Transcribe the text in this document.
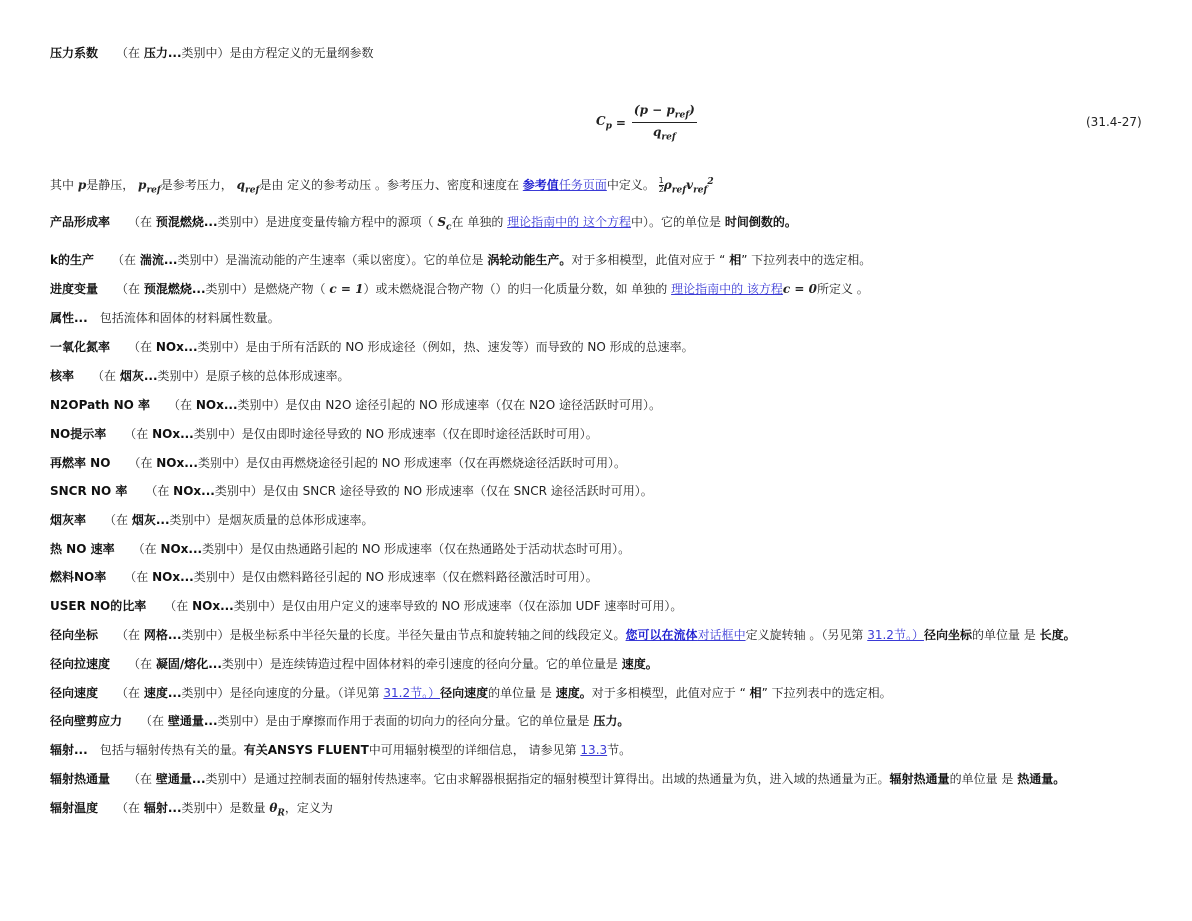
压力系数 （在 压力...类别中）是由方程定义的无量纲参数
$C_p = \frac{(p - p_{ref})}{q_{ref}}$	(31.4-27)
其中 p是静压， $p_{ref}$是参考压力， $q_{ref}$是由 定义的参考动压 。参考压力、密度和速度在 参考值任务页面中定义。 $\frac{1}{2} \rho_{ref}v_{ref}^2$
产品形成率 （在 预混燃烧...类别中）是进度变量传输方程中的源项（ $S_c$在 单独的 理论指南中的 这个方程中）。它的单位是 时间倒数的。
k的生产 （在 湍流...类别中）是湍流动能的产生速率（乘以密度）。它的单位是 涡轮动能生产。对于多相模型，此值对应于 “ 相” 下拉列表中的选定相。
进度变量 （在 预混燃烧...类别中）是燃烧产物（ c = 1）或未燃烧混合物产物（）的归一化质量分数，如 单独的 理论指南中的 该方程c = 0所定义 。
属性... 包括流体和固体的材料属性数量。
一氧化氮率 （在 NOx...类别中）是由于所有活跃的 NO 形成途径（例如，热、速发等）而导致的 NO 形成的总速率。
核率 （在 烟灰...类别中）是原子核的总体形成速率。
N2OPath NO 率 （在 NOx...类别中）是仅由 N2O 途径引起的 NO 形成速率（仅在 N2O 途径活跃时可用）。
NO提示率 （在 NOx...类别中）是仅由即时途径导致的 NO 形成速率（仅在即时途径活跃时可用）。
再燃率 NO （在 NOx...类别中）是仅由再燃烧途径引起的 NO 形成速率（仅在再燃烧途径活跃时可用）。
SNCR NO 率 （在 NOx...类别中）是仅由 SNCR 途径导致的 NO 形成速率（仅在 SNCR 途径活跃时可用）。
烟灰率 （在 烟灰...类别中）是烟灰质量的总体形成速率。
热 NO 速率 （在 NOx...类别中）是仅由热通路引起的 NO 形成速率（仅在热通路处于活动状态时可用）。
燃料NO率 （在 NOx...类别中）是仅由燃料路径引起的 NO 形成速率（仅在燃料路径激活时可用）。
USER NO的比率 （在 NOx...类别中）是仅由用户定义的速率导致的 NO 形成速率（仅在添加 UDF 速率时可用）。
径向坐标 （在 网格...类别中）是极坐标系中半径矢量的长度。半径矢量由节点和旋转轴之间的线段定义。您可以在流体对话框中定义旋转轴 。（另见第 31.2节。）径向坐标的单位量 是 长度。
径向拉速度 （在 凝固/熔化...类别中）是连续铸造过程中固体材料的牵引速度的径向分量。它的单位量是 速度。
径向速度 （在 速度...类别中）是径向速度的分量。（详见第 31.2节。）径向速度的单位量 是 速度。对于多相模型，此值对应于 “ 相” 下拉列表中的选定相。
径向壁剪应力 （在 壁通量...类别中）是由于摩擦而作用于表面的切向力的径向分量。它的单位量是 压力。
辐射... 包括与辐射传热有关的量。有关ANSYS FLUENT中可用辐射模型的详细信息， 请参见第 13.3节。
辐射热通量 （在 壁通量...类别中）是通过控制表面的辐射传热速率。它由求解器根据指定的辐射模型计算得出。出域的热通量为负，进入域的热通量为正。辐射热通量的单位量 是 热通量。
辐射温度 （在 辐射...类别中）是数量 $\theta_R$，定义为
